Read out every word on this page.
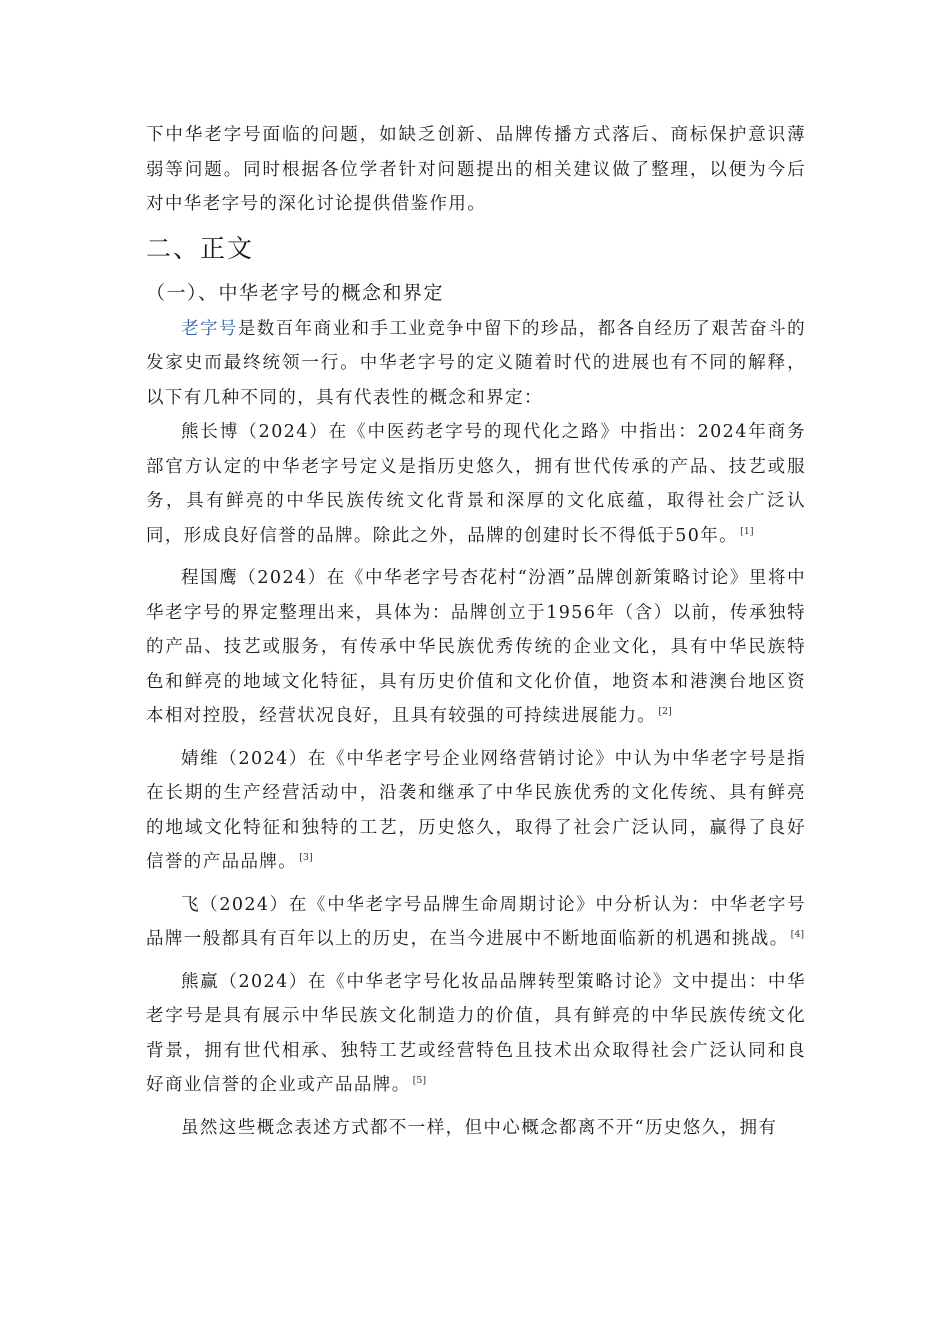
下中华老字号面临的问题，如缺乏创新、品牌传播方式落后、商标保护意识薄弱等问题。同时根据各位学者针对问题提出的相关建议做了整理，以便为今后对中华老字号的深化讨论提供借鉴作用。

二、正文
（一）、中华老字号的概念和界定

老字号是数百年商业和手工业竞争中留下的珍品，都各自经历了艰苦奋斗的发家史而最终统领一行。中华老字号的定义随着时代的进展也有不同的解释，以下有几种不同的，具有代表性的概念和界定：

熊长博（2024）在《中医药老字号的现代化之路》中指出：2024年商务部官方认定的中华老字号定义是指历史悠久，拥有世代传承的产品、技艺或服务，具有鲜亮的中华民族传统文化背景和深厚的文化底蕴，取得社会广泛认同，形成良好信誉的品牌。除此之外，品牌的创建时长不得低于50年。 [1]

程国鹰（2024）在《中华老字号杏花村“汾酒”品牌创新策略讨论》里将中华老字号的界定整理出来，具体为：品牌创立于1956年（含）以前，传承独特的产品、技艺或服务，有传承中华民族优秀传统的企业文化，具有中华民族特色和鲜亮的地域文化特征，具有历史价值和文化价值，地资本和港澳台地区资本相对控股，经营状况良好，且具有较强的可持续进展能力。 [2]

婧维（2024）在《中华老字号企业网络营销讨论》中认为中华老字号是指在长期的生产经营活动中，沿袭和继承了中华民族优秀的文化传统、具有鲜亮的地域文化特征和独特的工艺，历史悠久，取得了社会广泛认同，赢得了良好信誉的产品品牌。 [3]

飞（2024）在《中华老字号品牌生命周期讨论》中分析认为：中华老字号品牌一般都具有百年以上的历史，在当今进展中不断地面临新的机遇和挑战。 [4]

熊赢（2024）在《中华老字号化妆品品牌转型策略讨论》文中提出：中华老字号是具有展示中华民族文化制造力的价值，具有鲜亮的中华民族传统文化背景，拥有世代相承、独特工艺或经营特色且技术出众取得社会广泛认同和良好商业信誉的企业或产品品牌。 [5]

虽然这些概念表述方式都不一样，但中心概念都离不开“历史悠久，拥有
